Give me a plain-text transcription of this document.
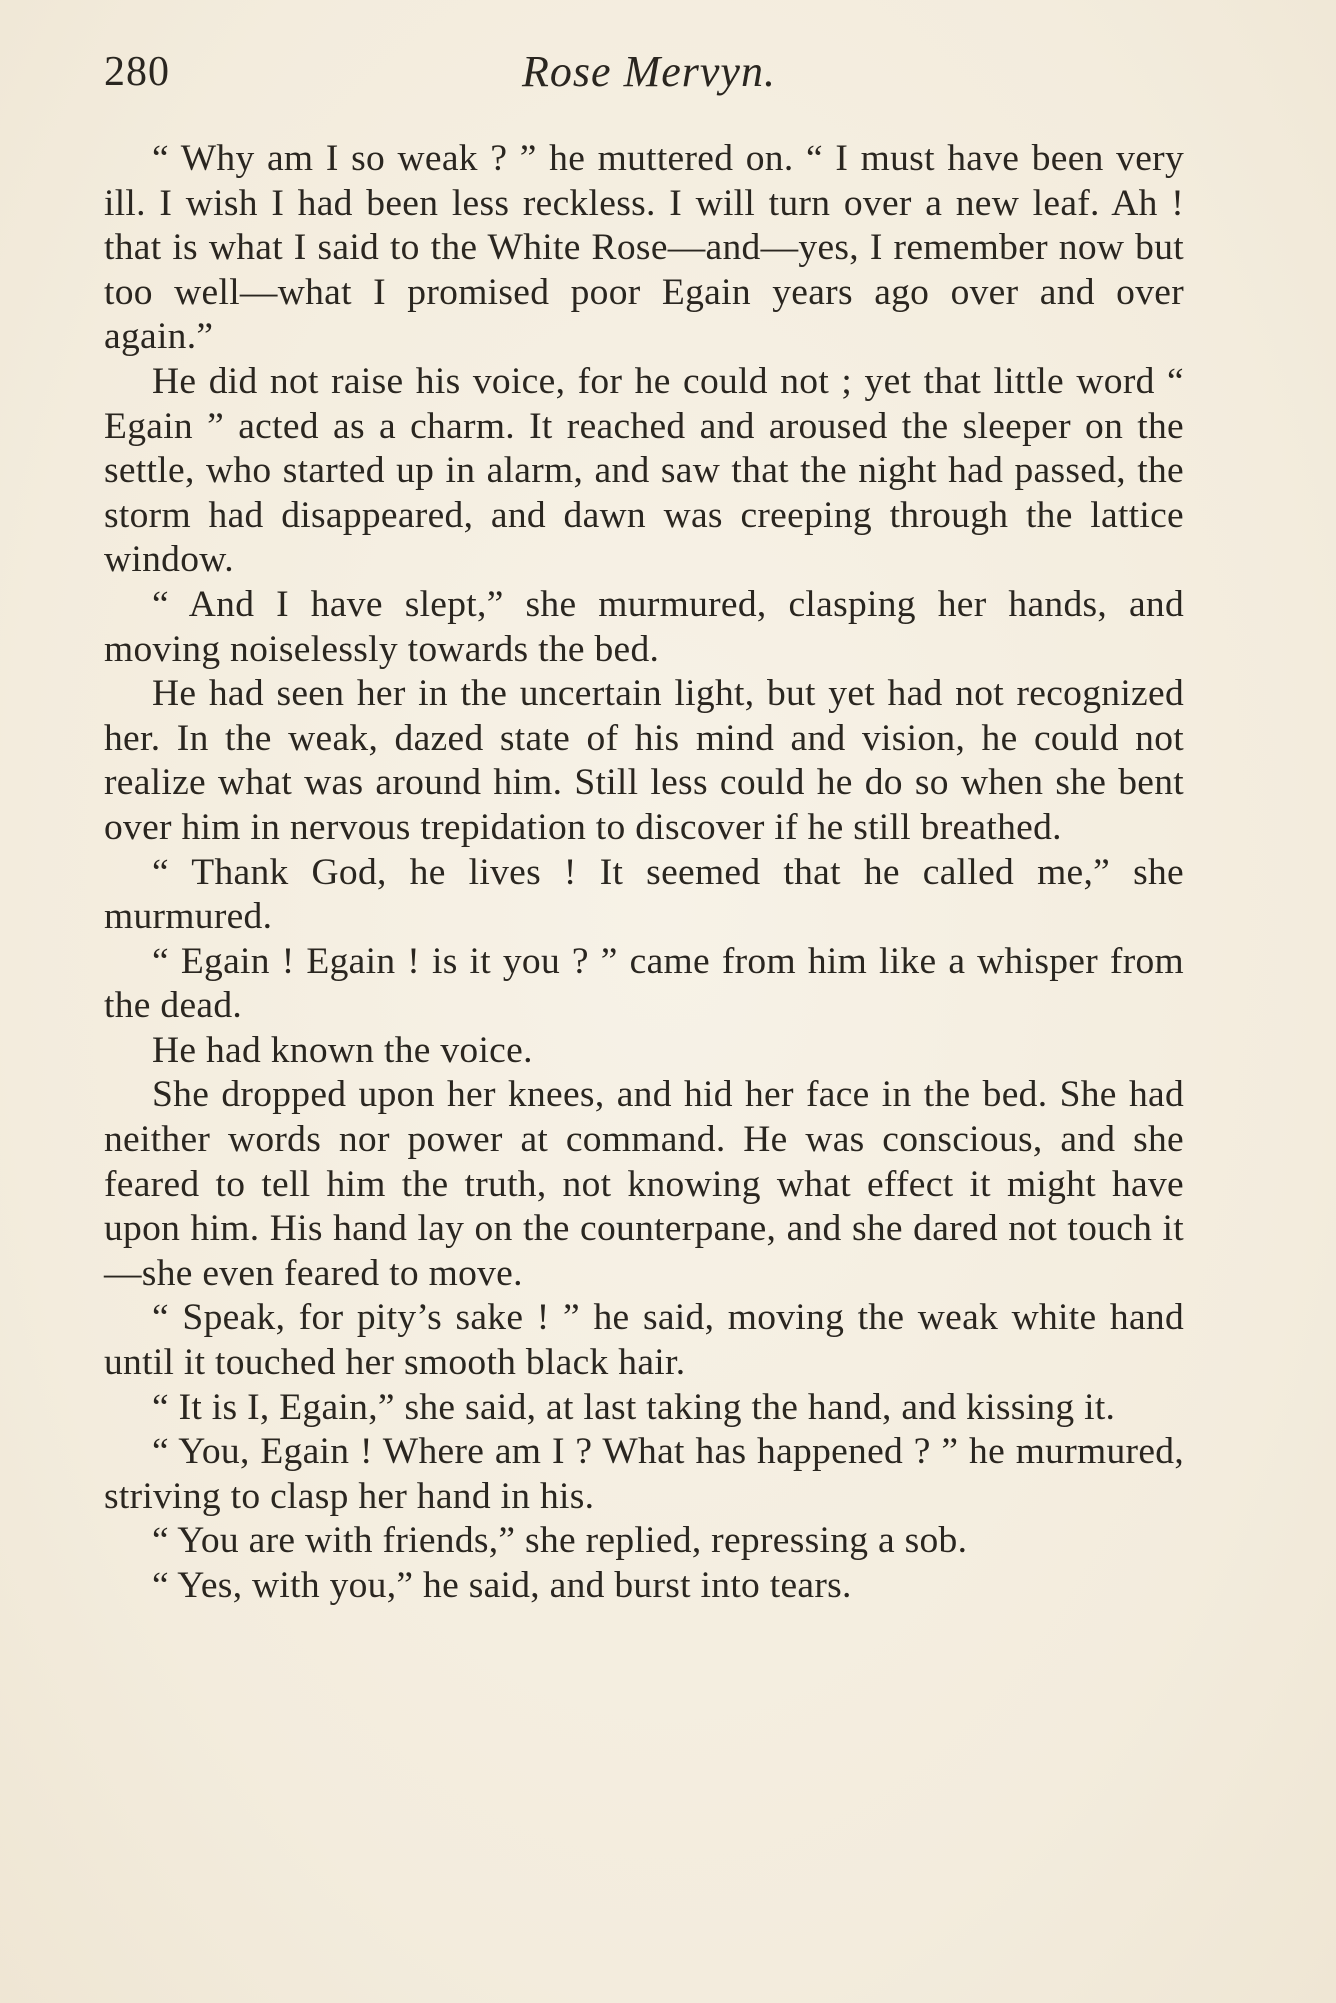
280	Rose Mervyn.

“ Why am I so weak ? ” he muttered on. “ I must have been very ill. I wish I had been less reckless. I will turn over a new leaf. Ah ! that is what I said to the White Rose—and—yes, I remember now but too well—what I promised poor Egain years ago over and over again.”

He did not raise his voice, for he could not ; yet that little word “ Egain ” acted as a charm. It reached and aroused the sleeper on the settle, who started up in alarm, and saw that the night had passed, the storm had disappeared, and dawn was creeping through the lattice window.

“ And I have slept,” she murmured, clasping her hands, and moving noiselessly towards the bed.

He had seen her in the uncertain light, but yet had not recognized her. In the weak, dazed state of his mind and vision, he could not realize what was around him. Still less could he do so when she bent over him in nervous trepidation to discover if he still breathed.

“ Thank God, he lives ! It seemed that he called me,” she murmured.

“ Egain ! Egain ! is it you ? ” came from him like a whisper from the dead.

He had known the voice.

She dropped upon her knees, and hid her face in the bed. She had neither words nor power at command. He was conscious, and she feared to tell him the truth, not knowing what effect it might have upon him. His hand lay on the counterpane, and she dared not touch it—she even feared to move.

“ Speak, for pity’s sake ! ” he said, moving the weak white hand until it touched her smooth black hair.

“ It is I, Egain,” she said, at last taking the hand, and kissing it.

“ You, Egain ! Where am I ? What has happened ? ” he murmured, striving to clasp her hand in his.

“ You are with friends,” she replied, repressing a sob.

“ Yes, with you,” he said, and burst into tears.
